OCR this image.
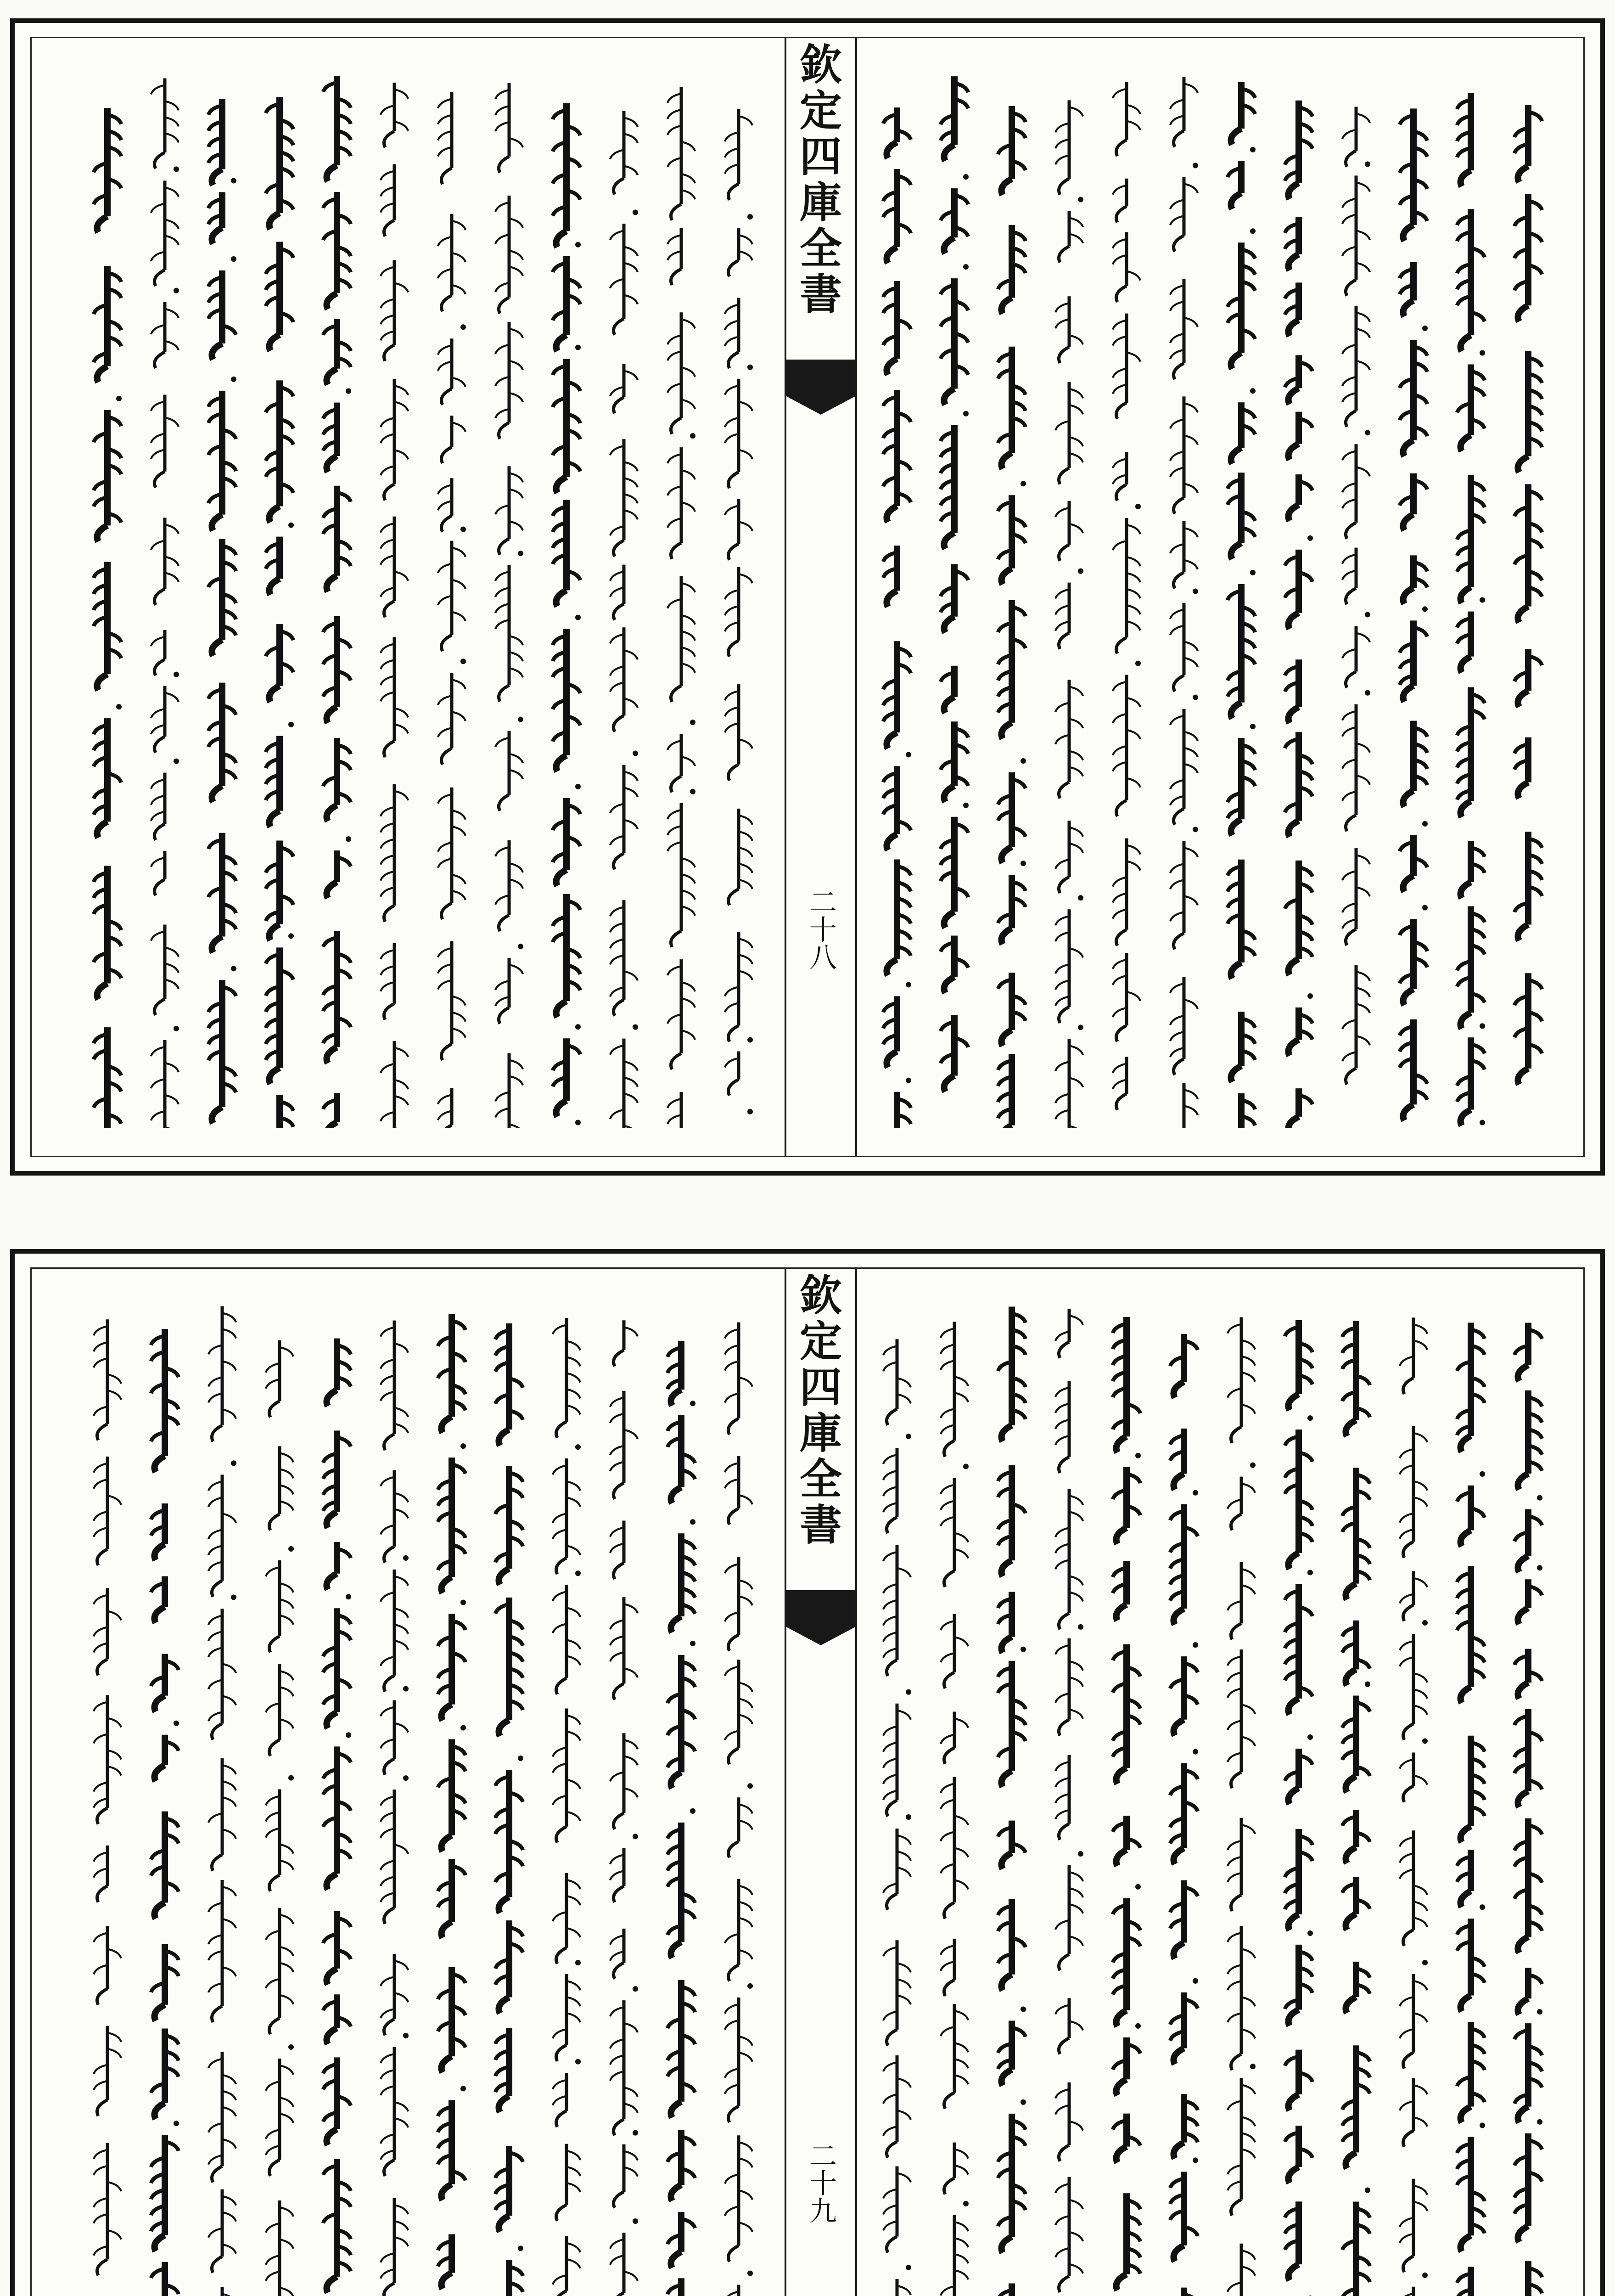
欽
定
四
庫
全
書
二十八
欽
定
四
庫
全
書
二十九
